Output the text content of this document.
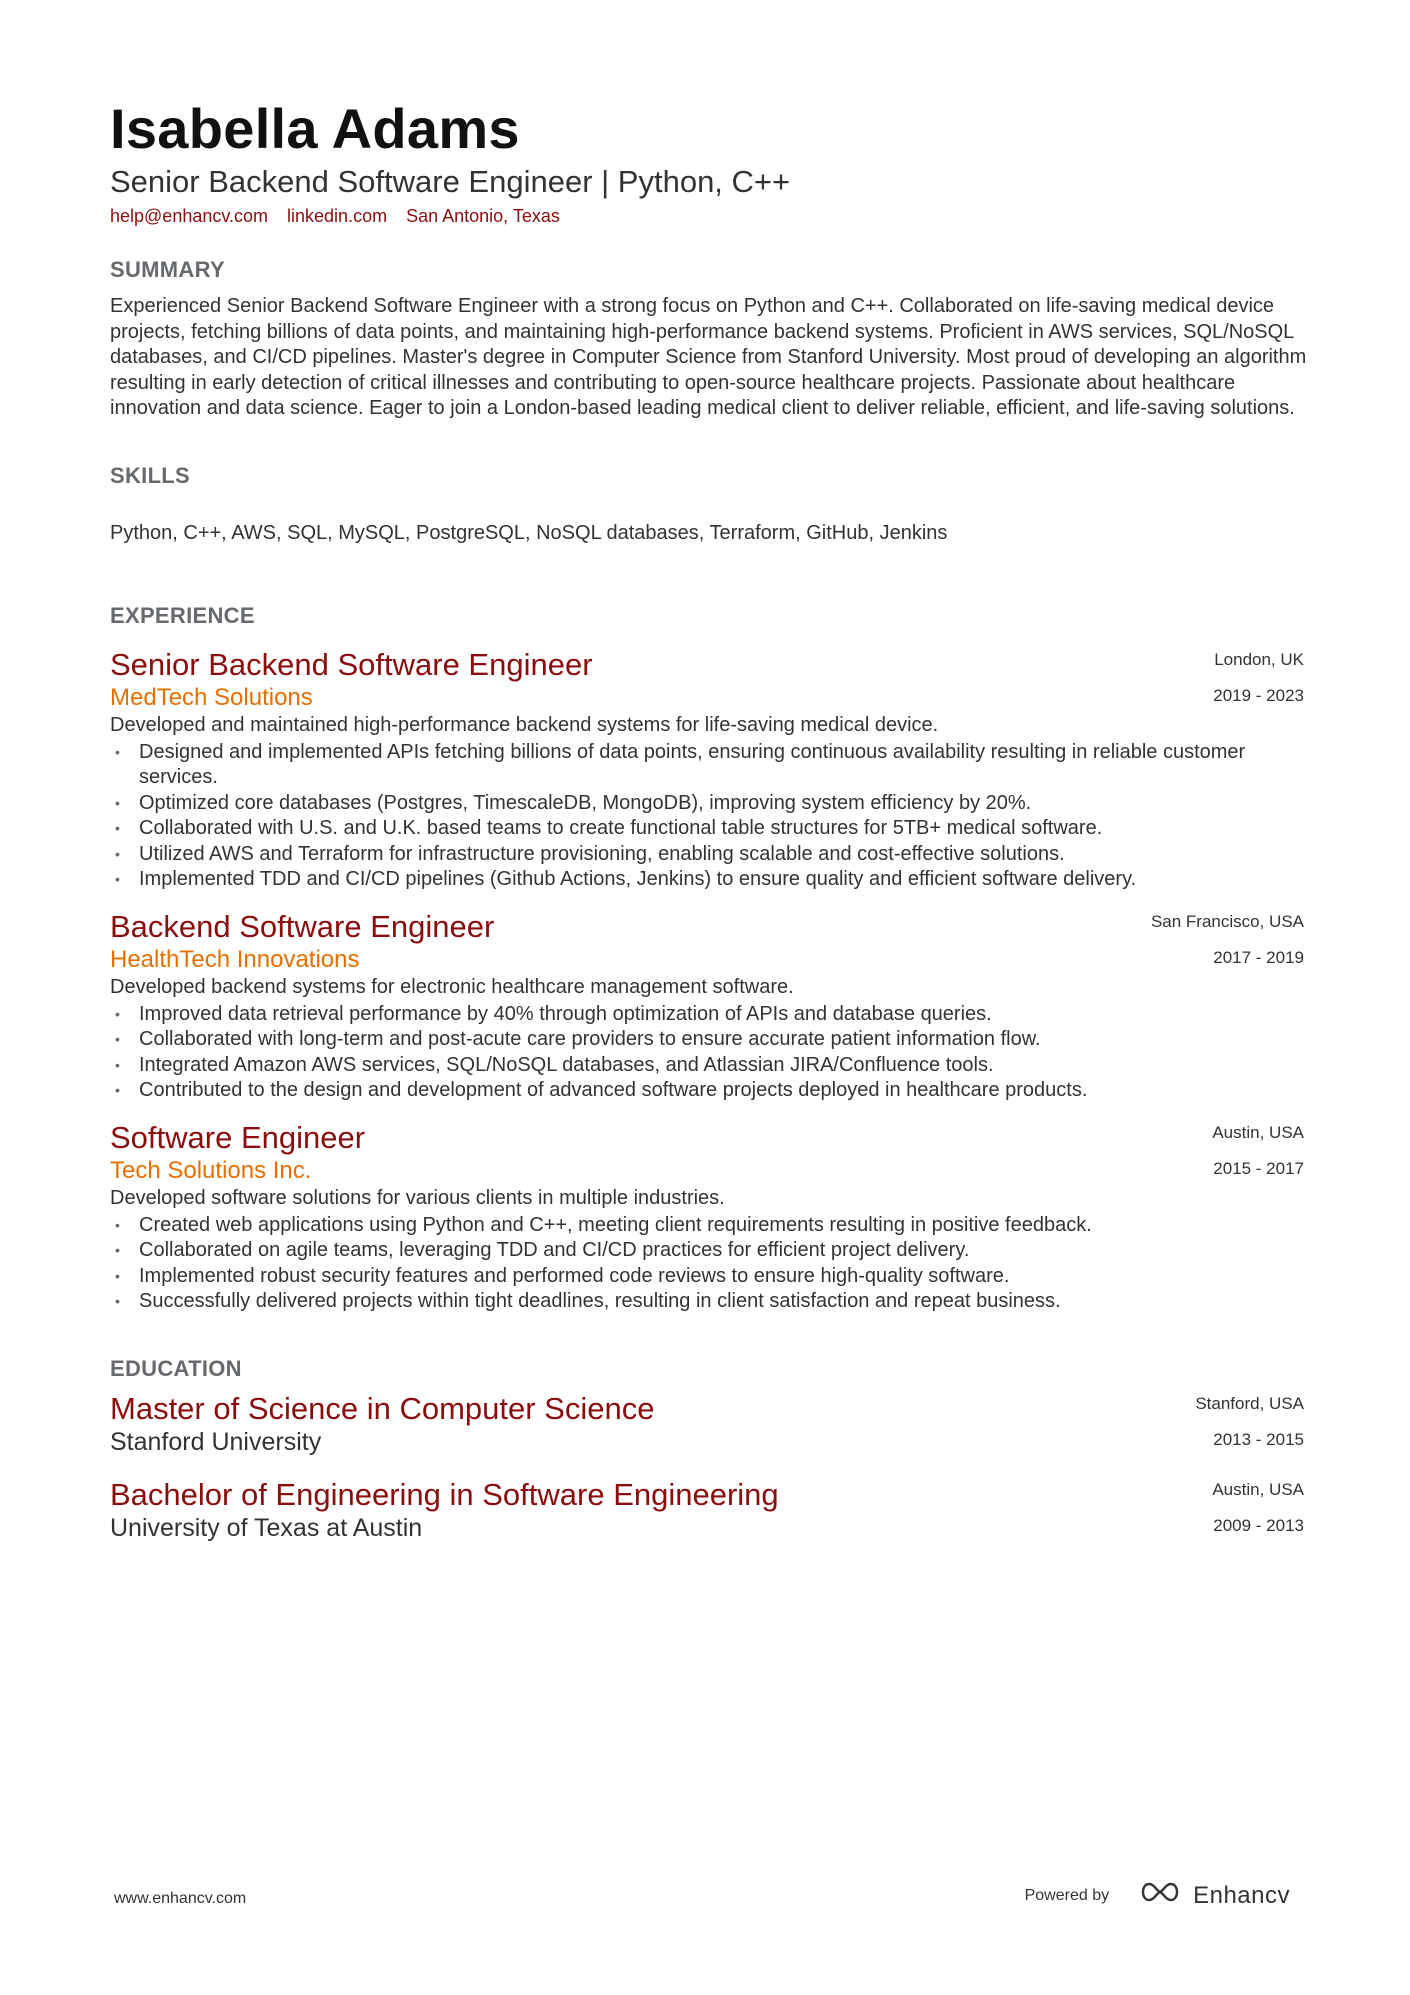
Isabella Adams
Senior Backend Software Engineer | Python, C++
help@enhancv.com linkedin.com San Antonio, Texas
SUMMARY
Experienced Senior Backend Software Engineer with a strong focus on Python and C++. Collaborated on life-saving medical device projects, fetching billions of data points, and maintaining high-performance backend systems. Proficient in AWS services, SQL/NoSQL databases, and CI/CD pipelines. Master's degree in Computer Science from Stanford University. Most proud of developing an algorithm resulting in early detection of critical illnesses and contributing to open-source healthcare projects. Passionate about healthcare innovation and data science. Eager to join a London-based leading medical client to deliver reliable, efficient, and life-saving solutions.
SKILLS
Python, C++, AWS, SQL, MySQL, PostgreSQL, NoSQL databases, Terraform, GitHub, Jenkins
EXPERIENCE
Senior Backend Software Engineer
MedTech Solutions
London, UK
2019 - 2023
Developed and maintained high-performance backend systems for life-saving medical device.
• Designed and implemented APIs fetching billions of data points, ensuring continuous availability resulting in reliable customer services.
• Optimized core databases (Postgres, TimescaleDB, MongoDB), improving system efficiency by 20%.
• Collaborated with U.S. and U.K. based teams to create functional table structures for 5TB+ medical software.
• Utilized AWS and Terraform for infrastructure provisioning, enabling scalable and cost-effective solutions.
• Implemented TDD and CI/CD pipelines (Github Actions, Jenkins) to ensure quality and efficient software delivery.
Backend Software Engineer
HealthTech Innovations
San Francisco, USA
2017 - 2019
Developed backend systems for electronic healthcare management software.
• Improved data retrieval performance by 40% through optimization of APIs and database queries.
• Collaborated with long-term and post-acute care providers to ensure accurate patient information flow.
• Integrated Amazon AWS services, SQL/NoSQL databases, and Atlassian JIRA/Confluence tools.
• Contributed to the design and development of advanced software projects deployed in healthcare products.
Software Engineer
Tech Solutions Inc.
Austin, USA
2015 - 2017
Developed software solutions for various clients in multiple industries.
• Created web applications using Python and C++, meeting client requirements resulting in positive feedback.
• Collaborated on agile teams, leveraging TDD and CI/CD practices for efficient project delivery.
• Implemented robust security features and performed code reviews to ensure high-quality software.
• Successfully delivered projects within tight deadlines, resulting in client satisfaction and repeat business.
EDUCATION
Master of Science in Computer Science
Stanford University
Stanford, USA
2013 - 2015
Bachelor of Engineering in Software Engineering
University of Texas at Austin
Austin, USA
2009 - 2013
www.enhancv.com	Powered by	Enhancv
